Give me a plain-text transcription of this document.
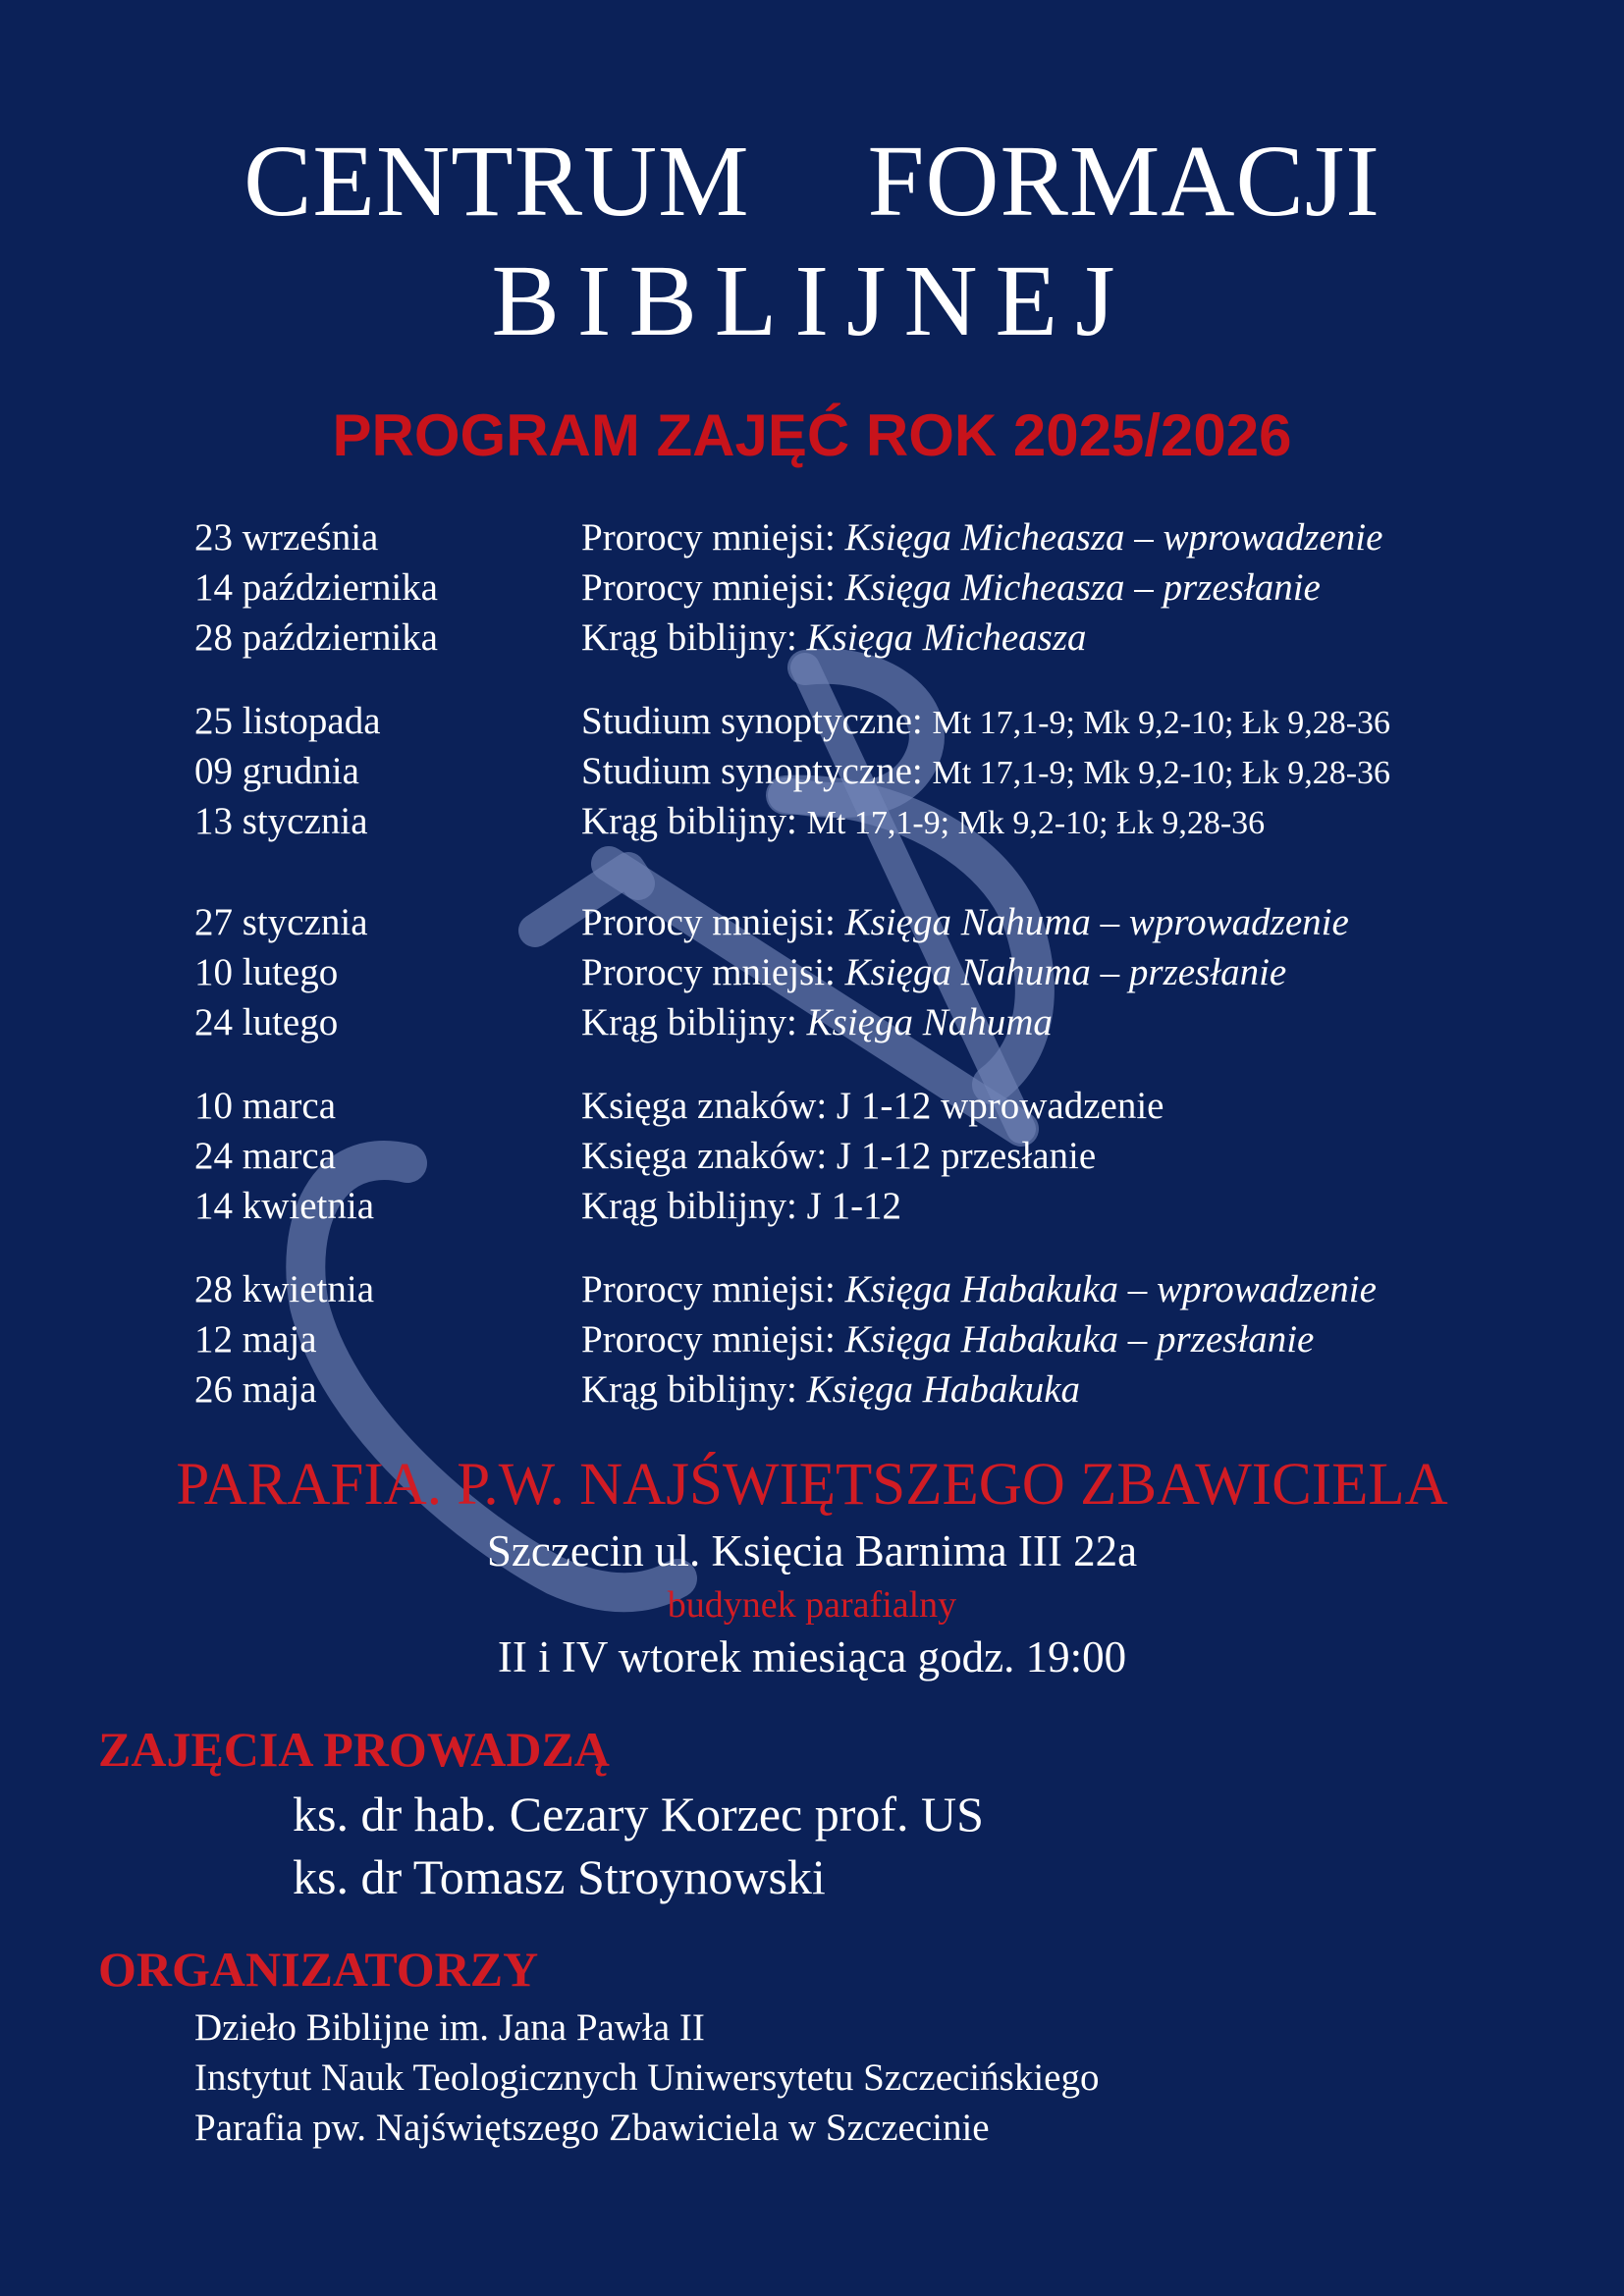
CENTRUM FORMACJI
BIBLIJNEJ
PROGRAM ZAJĘĆ ROK 2025/2026
23 września	Prorocy mniejsi: Księga Micheasza – wprowadzenie
14 października	Prorocy mniejsi: Księga Micheasza – przesłanie
28 października	Krąg biblijny: Księga Micheasza
25 listopada	Studium synoptyczne: Mt 17,1-9; Mk 9,2-10; Łk 9,28-36
09 grudnia	Studium synoptyczne: Mt 17,1-9; Mk 9,2-10; Łk 9,28-36
13 stycznia	Krąg biblijny: Mt 17,1-9; Mk 9,2-10; Łk 9,28-36
27 stycznia	Prorocy mniejsi: Księga Nahuma – wprowadzenie
10 lutego	Prorocy mniejsi: Księga Nahuma – przesłanie
24 lutego	Krąg biblijny: Księga Nahuma
10 marca	Księga znaków: J 1-12 wprowadzenie
24 marca	Księga znaków: J 1-12 przesłanie
14 kwietnia	Krąg biblijny: J 1-12
28 kwietnia	Prorocy mniejsi: Księga Habakuka – wprowadzenie
12 maja	Prorocy mniejsi: Księga Habakuka – przesłanie
26 maja	Krąg biblijny: Księga Habakuka
PARAFIA. P.W. NAJŚWIĘTSZEGO ZBAWICIELA
Szczecin ul. Księcia Barnima III 22a
budynek parafialny
II i IV wtorek miesiąca godz. 19:00
ZAJĘCIA PROWADZĄ
ks. dr hab. Cezary Korzec prof. US
ks. dr Tomasz Stroynowski
ORGANIZATORZY
Dzieło Biblijne im. Jana Pawła II
Instytut Nauk Teologicznych Uniwersytetu Szczecińskiego
Parafia pw. Najświętszego Zbawiciela w Szczecinie
